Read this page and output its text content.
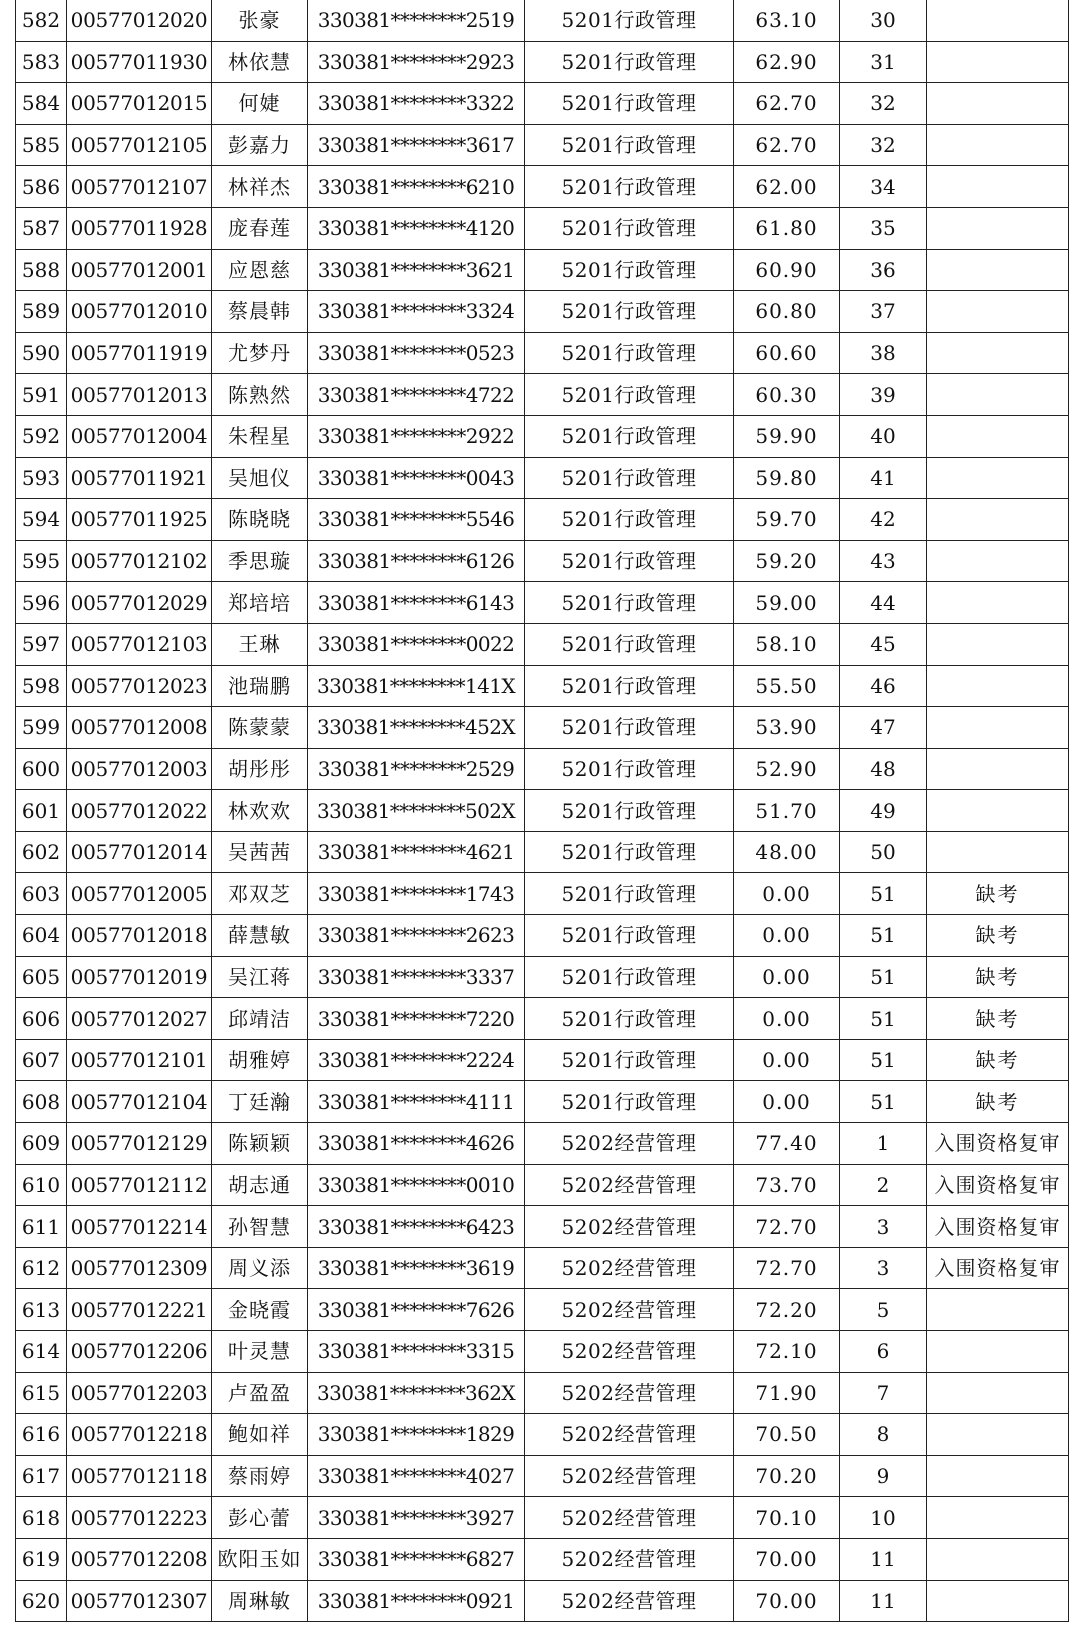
582	00577012020	张豪	330381********2519	5201行政管理	63.10	30	
583	00577011930	林依慧	330381********2923	5201行政管理	62.90	31	
584	00577012015	何婕	330381********3322	5201行政管理	62.70	32	
585	00577012105	彭嘉力	330381********3617	5201行政管理	62.70	32	
586	00577012107	林祥杰	330381********6210	5201行政管理	62.00	34	
587	00577011928	庞春莲	330381********4120	5201行政管理	61.80	35	
588	00577012001	应恩慈	330381********3621	5201行政管理	60.90	36	
589	00577012010	蔡晨韩	330381********3324	5201行政管理	60.80	37	
590	00577011919	尤梦丹	330381********0523	5201行政管理	60.60	38	
591	00577012013	陈熟然	330381********4722	5201行政管理	60.30	39	
592	00577012004	朱程星	330381********2922	5201行政管理	59.90	40	
593	00577011921	吴旭仪	330381********0043	5201行政管理	59.80	41	
594	00577011925	陈晓晓	330381********5546	5201行政管理	59.70	42	
595	00577012102	季思璇	330381********6126	5201行政管理	59.20	43	
596	00577012029	郑培培	330381********6143	5201行政管理	59.00	44	
597	00577012103	王琳	330381********0022	5201行政管理	58.10	45	
598	00577012023	池瑞鹏	330381********141X	5201行政管理	55.50	46	
599	00577012008	陈蒙蒙	330381********452X	5201行政管理	53.90	47	
600	00577012003	胡彤彤	330381********2529	5201行政管理	52.90	48	
601	00577012022	林欢欢	330381********502X	5201行政管理	51.70	49	
602	00577012014	吴茜茜	330381********4621	5201行政管理	48.00	50	
603	00577012005	邓双芝	330381********1743	5201行政管理	0.00	51	缺考
604	00577012018	薛慧敏	330381********2623	5201行政管理	0.00	51	缺考
605	00577012019	吴江蒋	330381********3337	5201行政管理	0.00	51	缺考
606	00577012027	邱靖洁	330381********7220	5201行政管理	0.00	51	缺考
607	00577012101	胡雅婷	330381********2224	5201行政管理	0.00	51	缺考
608	00577012104	丁廷瀚	330381********4111	5201行政管理	0.00	51	缺考
609	00577012129	陈颖颖	330381********4626	5202经营管理	77.40	1	入围资格复审
610	00577012112	胡志通	330381********0010	5202经营管理	73.70	2	入围资格复审
611	00577012214	孙智慧	330381********6423	5202经营管理	72.70	3	入围资格复审
612	00577012309	周义添	330381********3619	5202经营管理	72.70	3	入围资格复审
613	00577012221	金晓霞	330381********7626	5202经营管理	72.20	5	
614	00577012206	叶灵慧	330381********3315	5202经营管理	72.10	6	
615	00577012203	卢盈盈	330381********362X	5202经营管理	71.90	7	
616	00577012218	鲍如祥	330381********1829	5202经营管理	70.50	8	
617	00577012118	蔡雨婷	330381********4027	5202经营管理	70.20	9	
618	00577012223	彭心蕾	330381********3927	5202经营管理	70.10	10	
619	00577012208	欧阳玉如	330381********6827	5202经营管理	70.00	11	
620	00577012307	周琳敏	330381********0921	5202经营管理	70.00	11	
